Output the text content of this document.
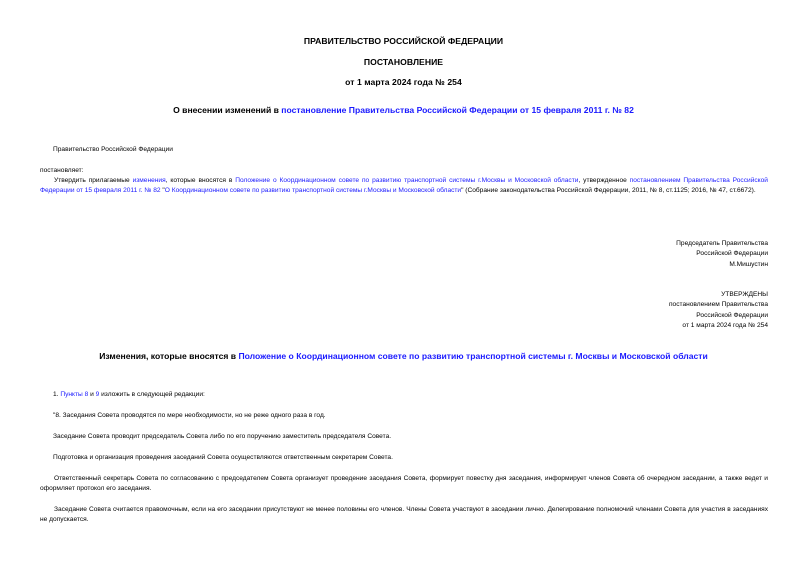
ПРАВИТЕЛЬСТВО РОССИЙСКОЙ ФЕДЕРАЦИИ
ПОСТАНОВЛЕНИЕ
от 1 марта 2024 года № 254
О внесении изменений в постановление Правительства Российской Федерации от 15 февраля 2011 г. № 82
Правительство Российской Федерации
постановляет:
Утвердить прилагаемые изменения, которые вносятся в Положение о Координационном совете по развитию транспортной системы г.Москвы и Московской области, утвержденное постановлением Правительства Российской Федерации от 15 февраля 2011 г. № 82 "О Координационном совете по развитию транспортной системы г.Москвы и Московской области" (Собрание законодательства Российской Федерации, 2011, № 8, ст.1125; 2016, № 47, ст.6672).
Председатель Правительства
Российской Федерации
М.Мишустин
УТВЕРЖДЕНЫ
постановлением Правительства
Российской Федерации
от 1 марта 2024 года № 254
Изменения, которые вносятся в Положение о Координационном совете по развитию транспортной системы г. Москвы и Московской области
1. Пункты 8 и 9 изложить в следующей редакции:
"8. Заседания Совета проводятся по мере необходимости, но не реже одного раза в год.
Заседание Совета проводит председатель Совета либо по его поручению заместитель председателя Совета.
Подготовка и организация проведения заседаний Совета осуществляются ответственным секретарем Совета.
Ответственный секретарь Совета по согласованию с председателем Совета организует проведение заседания Совета, формирует повестку дня заседания, информирует членов Совета об очередном заседании, а также ведет и оформляет протокол его заседания.
Заседание Совета считается правомочным, если на его заседании присутствуют не менее половины его членов. Члены Совета участвуют в заседании лично. Делегирование полномочий членами Совета для участия в заседаниях не допускается.
